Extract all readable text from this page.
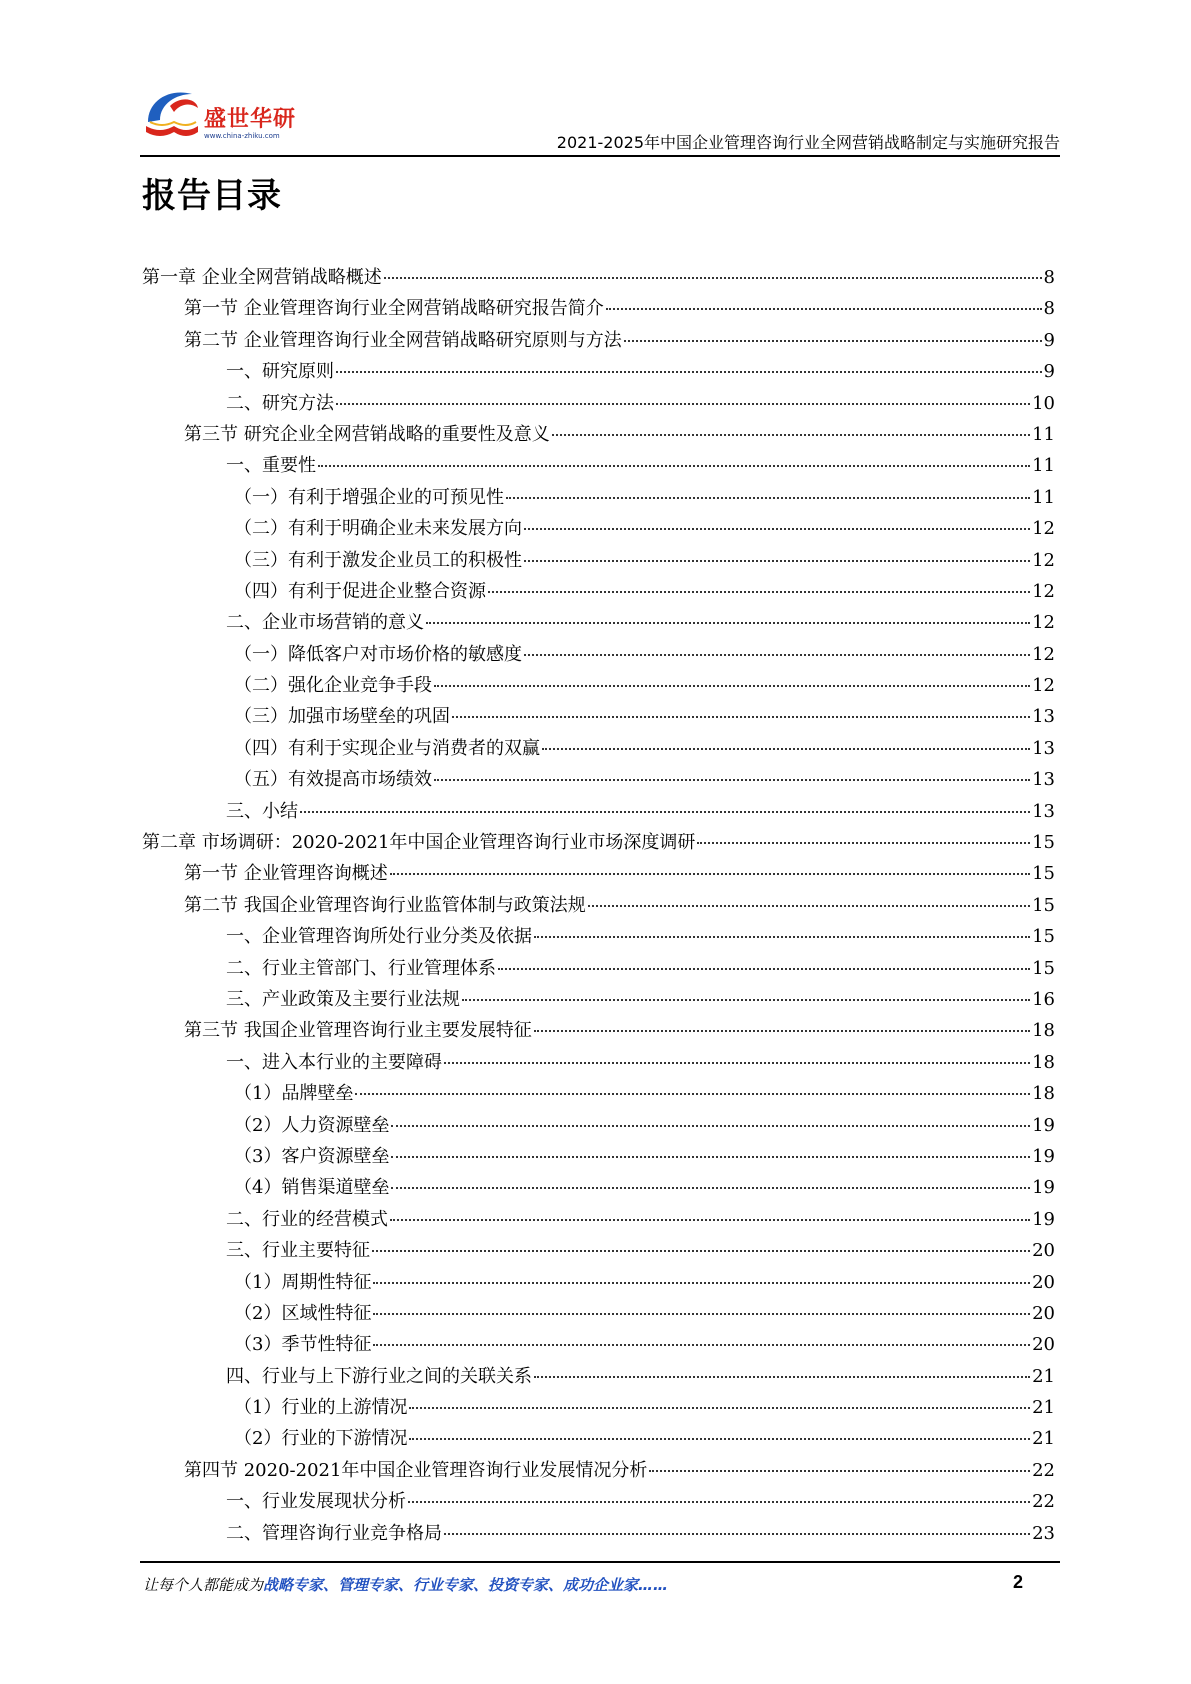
盛世华研
www.china-zhiku.com	2021-2025年中国企业管理咨询行业全网营销战略制定与实施研究报告
报告目录
第一章 企业全网营销战略概述	8
第一节 企业管理咨询行业全网营销战略研究报告简介	8
第二节 企业管理咨询行业全网营销战略研究原则与方法	9
一、研究原则	9
二、研究方法	10
第三节 研究企业全网营销战略的重要性及意义	11
一、重要性	11
（一）有利于增强企业的可预见性	11
（二）有利于明确企业未来发展方向	12
（三）有利于激发企业员工的积极性	12
（四）有利于促进企业整合资源	12
二、企业市场营销的意义	12
（一）降低客户对市场价格的敏感度	12
（二）强化企业竞争手段	12
（三）加强市场壁垒的巩固	13
（四）有利于实现企业与消费者的双赢	13
（五）有效提高市场绩效	13
三、小结	13
第二章 市场调研：2020-2021年中国企业管理咨询行业市场深度调研	15
第一节 企业管理咨询概述	15
第二节 我国企业管理咨询行业监管体制与政策法规	15
一、企业管理咨询所处行业分类及依据	15
二、行业主管部门、行业管理体系	15
三、产业政策及主要行业法规	16
第三节 我国企业管理咨询行业主要发展特征	18
一、进入本行业的主要障碍	18
（1）品牌壁垒	18
（2）人力资源壁垒	19
（3）客户资源壁垒	19
（4）销售渠道壁垒	19
二、行业的经营模式	19
三、行业主要特征	20
（1）周期性特征	20
（2）区域性特征	20
（3）季节性特征	20
四、行业与上下游行业之间的关联关系	21
（1）行业的上游情况	21
（2）行业的下游情况	21
第四节 2020-2021年中国企业管理咨询行业发展情况分析	22
一、行业发展现状分析	22
二、管理咨询行业竞争格局	23
让每个人都能成为战略专家、管理专家、行业专家、投资专家、成功企业家……	2
